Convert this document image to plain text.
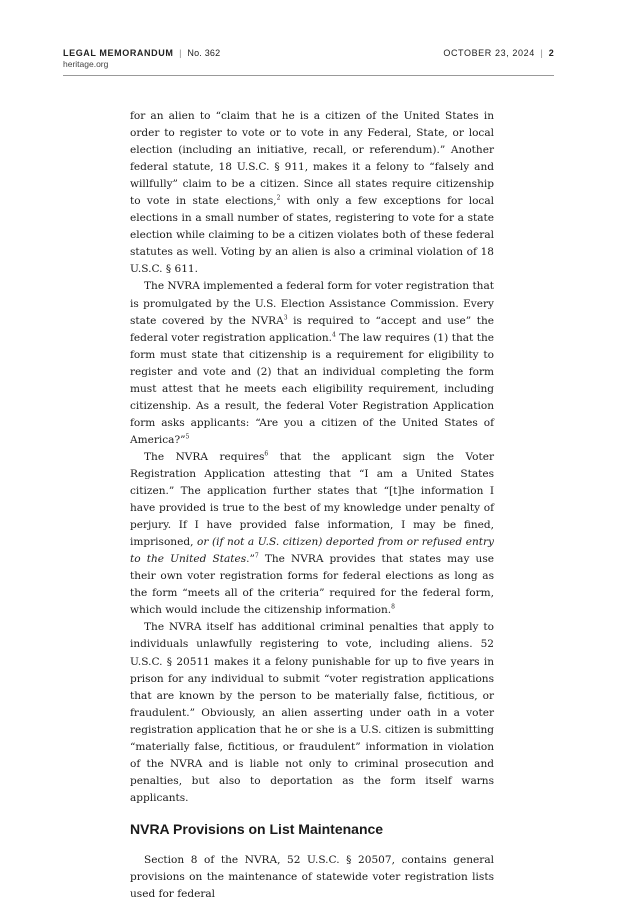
LEGAL MEMORANDUM | No. 362	OCTOBER 23, 2024 | 2
heritage.org

for an alien to “claim that he is a citizen of the United States in order to register to vote or to vote in any Federal, State, or local election (including an initiative, recall, or referendum).” Another federal statute, 18 U.S.C. § 911, makes it a felony to “falsely and willfully” claim to be a citizen. Since all states require citizenship to vote in state elections,$^2$ with only a few exceptions for local elections in a small number of states, registering to vote for a state election while claiming to be a citizen violates both of these federal statutes as well. Voting by an alien is also a criminal violation of 18 U.S.C. § 611.

The NVRA implemented a federal form for voter registration that is promulgated by the U.S. Election Assistance Commission. Every state covered by the NVRA$^3$ is required to “accept and use” the federal voter registration application.$^4$ The law requires (1) that the form must state that citizenship is a requirement for eligibility to register and vote and (2) that an individual completing the form must attest that he meets each eligibility requirement, including citizenship. As a result, the federal Voter Registration Application form asks applicants: “Are you a citizen of the United States of America?”$^5$

The NVRA requires$^6$ that the applicant sign the Voter Registration Application attesting that “I am a United States citizen.” The application further states that “[t]he information I have provided is true to the best of my knowledge under penalty of perjury. If I have provided false information, I may be fined, imprisoned, or (if not a U.S. citizen) deported from or refused entry to the United States.”$^7$ The NVRA provides that states may use their own voter registration forms for federal elections as long as the form “meets all of the criteria” required for the federal form, which would include the citizenship information.$^8$

The NVRA itself has additional criminal penalties that apply to individuals unlawfully registering to vote, including aliens. 52 U.S.C. § 20511 makes it a felony punishable for up to five years in prison for any individual to submit “voter registration applications that are known by the person to be materially false, fictitious, or fraudulent.” Obviously, an alien asserting under oath in a voter registration application that he or she is a U.S. citizen is submitting “materially false, fictitious, or fraudulent” information in violation of the NVRA and is liable not only to criminal prosecution and penalties, but also to deportation as the form itself warns applicants.

NVRA Provisions on List Maintenance

Section 8 of the NVRA, 52 U.S.C. § 20507, contains general provisions on the maintenance of statewide voter registration lists used for federal
